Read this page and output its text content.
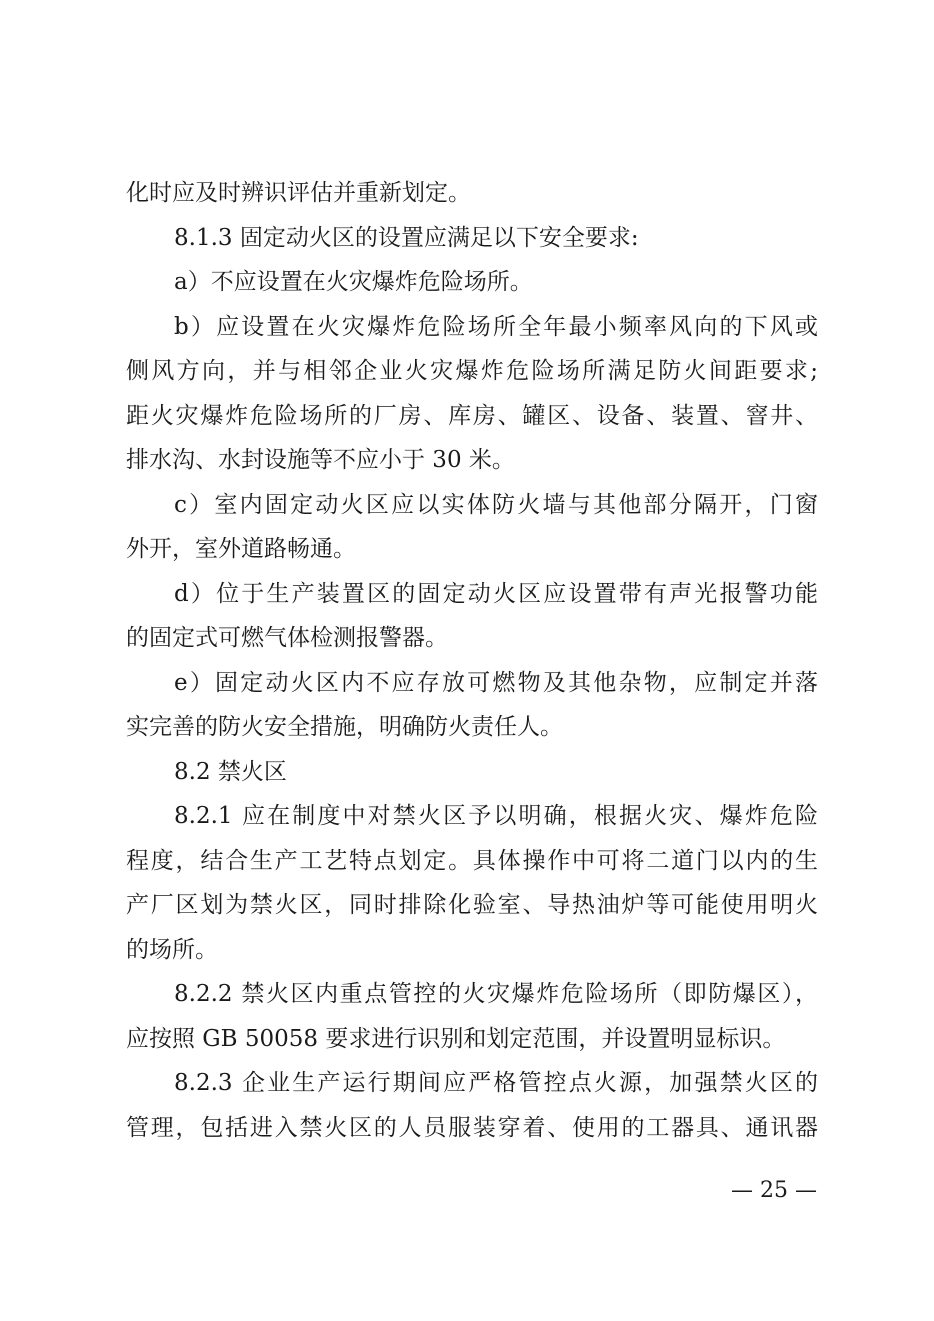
化时应及时辨识评估并重新划定。
8.1.3 固定动火区的设置应满足以下安全要求:
a）不应设置在火灾爆炸危险场所。
b）应设置在火灾爆炸危险场所全年最小频率风向的下风或
侧风方向，并与相邻企业火灾爆炸危险场所满足防火间距要求;
距火灾爆炸危险场所的厂房、库房、罐区、设备、装置、窨井、
排水沟、水封设施等不应小于 30 米。
c）室内固定动火区应以实体防火墙与其他部分隔开，门窗
外开，室外道路畅通。
d）位于生产装置区的固定动火区应设置带有声光报警功能
的固定式可燃气体检测报警器。
e）固定动火区内不应存放可燃物及其他杂物，应制定并落
实完善的防火安全措施，明确防火责任人。
8.2 禁火区
8.2.1 应在制度中对禁火区予以明确，根据火灾、爆炸危险
程度，结合生产工艺特点划定。具体操作中可将二道门以内的生
产厂区划为禁火区，同时排除化验室、导热油炉等可能使用明火
的场所。
8.2.2 禁火区内重点管控的火灾爆炸危险场所（即防爆区），
应按照 GB 50058 要求进行识别和划定范围，并设置明显标识。
8.2.3 企业生产运行期间应严格管控点火源，加强禁火区的
管理，包括进入禁火区的人员服装穿着、使用的工器具、通讯器
— 25 —
